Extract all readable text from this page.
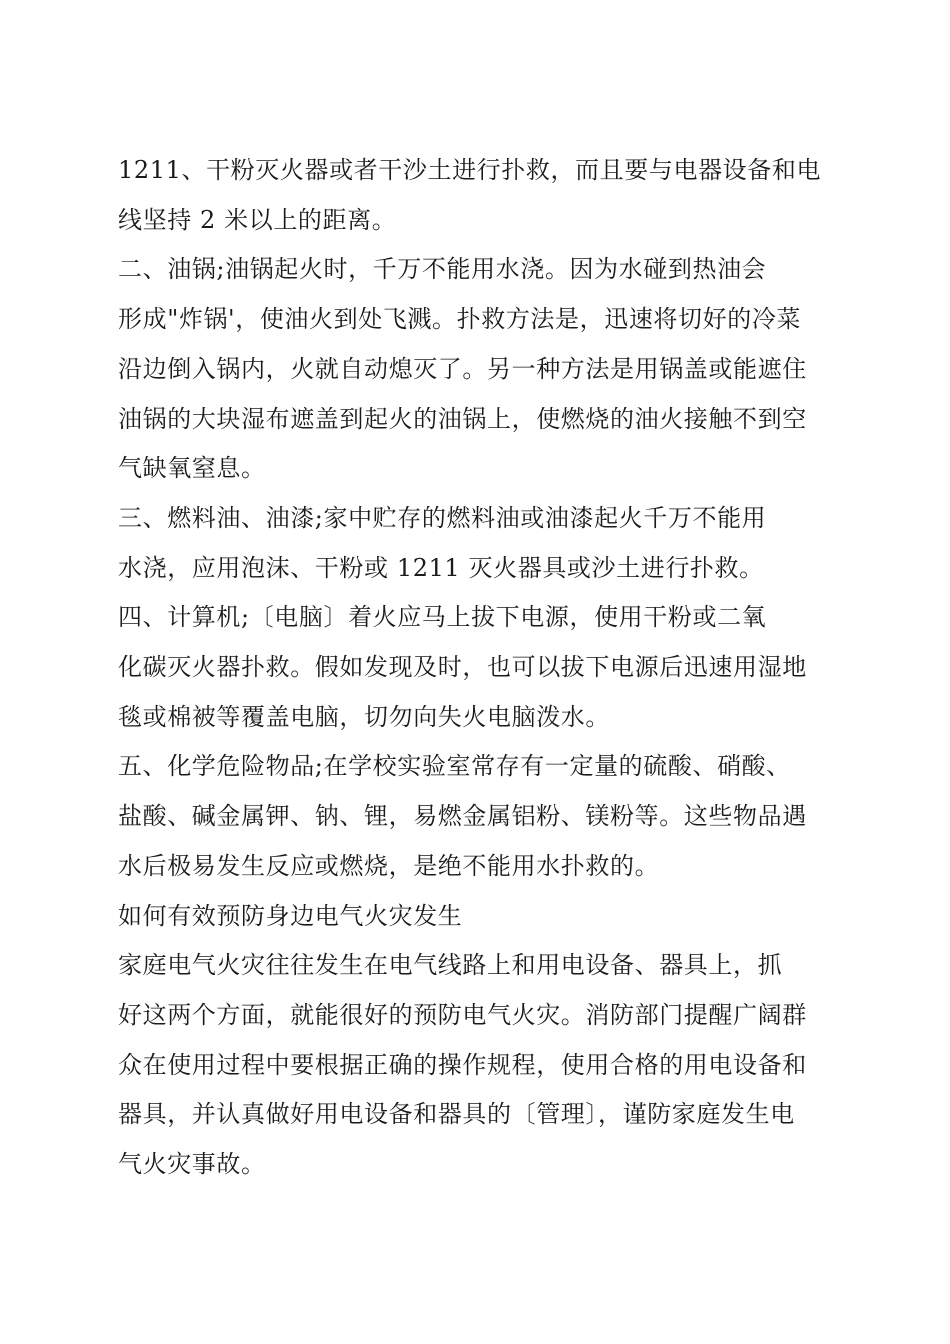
1211、干粉灭火器或者干沙土进行扑救，而且要与电器设备和电
线坚持 2 米以上的距离。
二、油锅;油锅起火时，千万不能用水浇。因为水碰到热油会
形成"炸锅'，使油火到处飞溅。扑救方法是，迅速将切好的冷菜
沿边倒入锅内，火就自动熄灭了。另一种方法是用锅盖或能遮住
油锅的大块湿布遮盖到起火的油锅上，使燃烧的油火接触不到空
气缺氧窒息。
三、燃料油、油漆;家中贮存的燃料油或油漆起火千万不能用
水浇，应用泡沫、干粉或 1211 灭火器具或沙土进行扑救。
四、计算机;〔电脑〕着火应马上拔下电源，使用干粉或二氧
化碳灭火器扑救。假如发现及时，也可以拔下电源后迅速用湿地
毯或棉被等覆盖电脑，切勿向失火电脑泼水。
五、化学危险物品;在学校实验室常存有一定量的硫酸、硝酸、
盐酸、碱金属钾、钠、锂，易燃金属铝粉、镁粉等。这些物品遇
水后极易发生反应或燃烧，是绝不能用水扑救的。
如何有效预防身边电气火灾发生
家庭电气火灾往往发生在电气线路上和用电设备、器具上，抓
好这两个方面，就能很好的预防电气火灾。消防部门提醒广阔群
众在使用过程中要根据正确的操作规程，使用合格的用电设备和
器具，并认真做好用电设备和器具的〔管理〕，谨防家庭发生电
气火灾事故。
